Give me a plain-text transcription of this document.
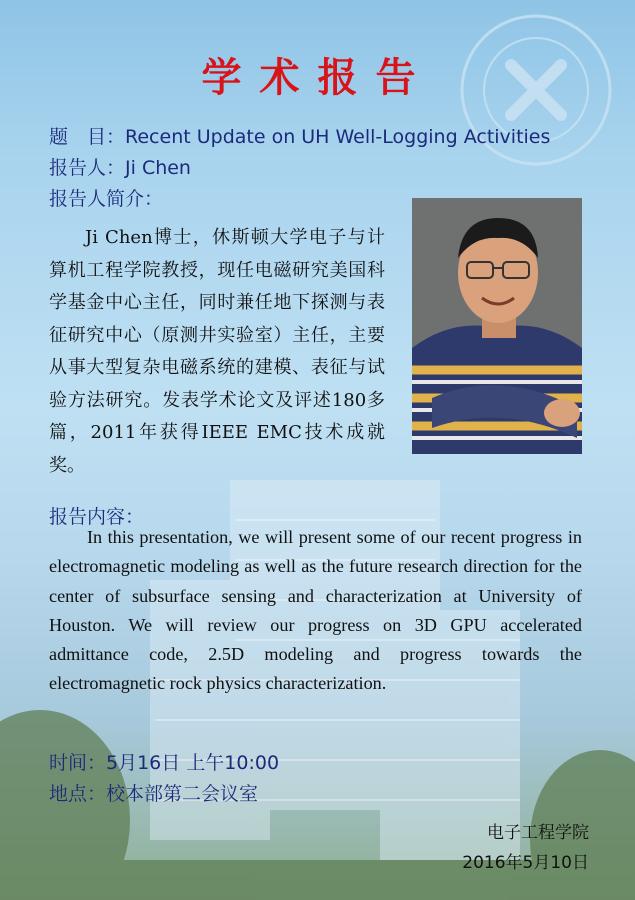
学术报告
题　目：Recent Update on UH Well-Logging Activities
报告人：Ji Chen
报告人简介：

Ji Chen博士，休斯顿大学电子与计算机工程学院教授，现任电磁研究美国科学基金中心主任，同时兼任地下探测与表征研究中心（原测井实验室）主任，主要从事大型复杂电磁系统的建模、表征与试验方法研究。发表学术论文及评述180多篇，2011年获得IEEE EMC技术成就奖。

报告内容：

In this presentation, we will present some of our recent progress in electromagnetic modeling as well as the future research direction for the center of subsurface sensing and characterization at University of Houston. We will review our progress on 3D GPU accelerated admittance code, 2.5D modeling and progress towards the electromagnetic rock physics characterization.

时间：5月16日 上午10:00
地点：校本部第二会议室
电子工程学院
2016年5月10日
